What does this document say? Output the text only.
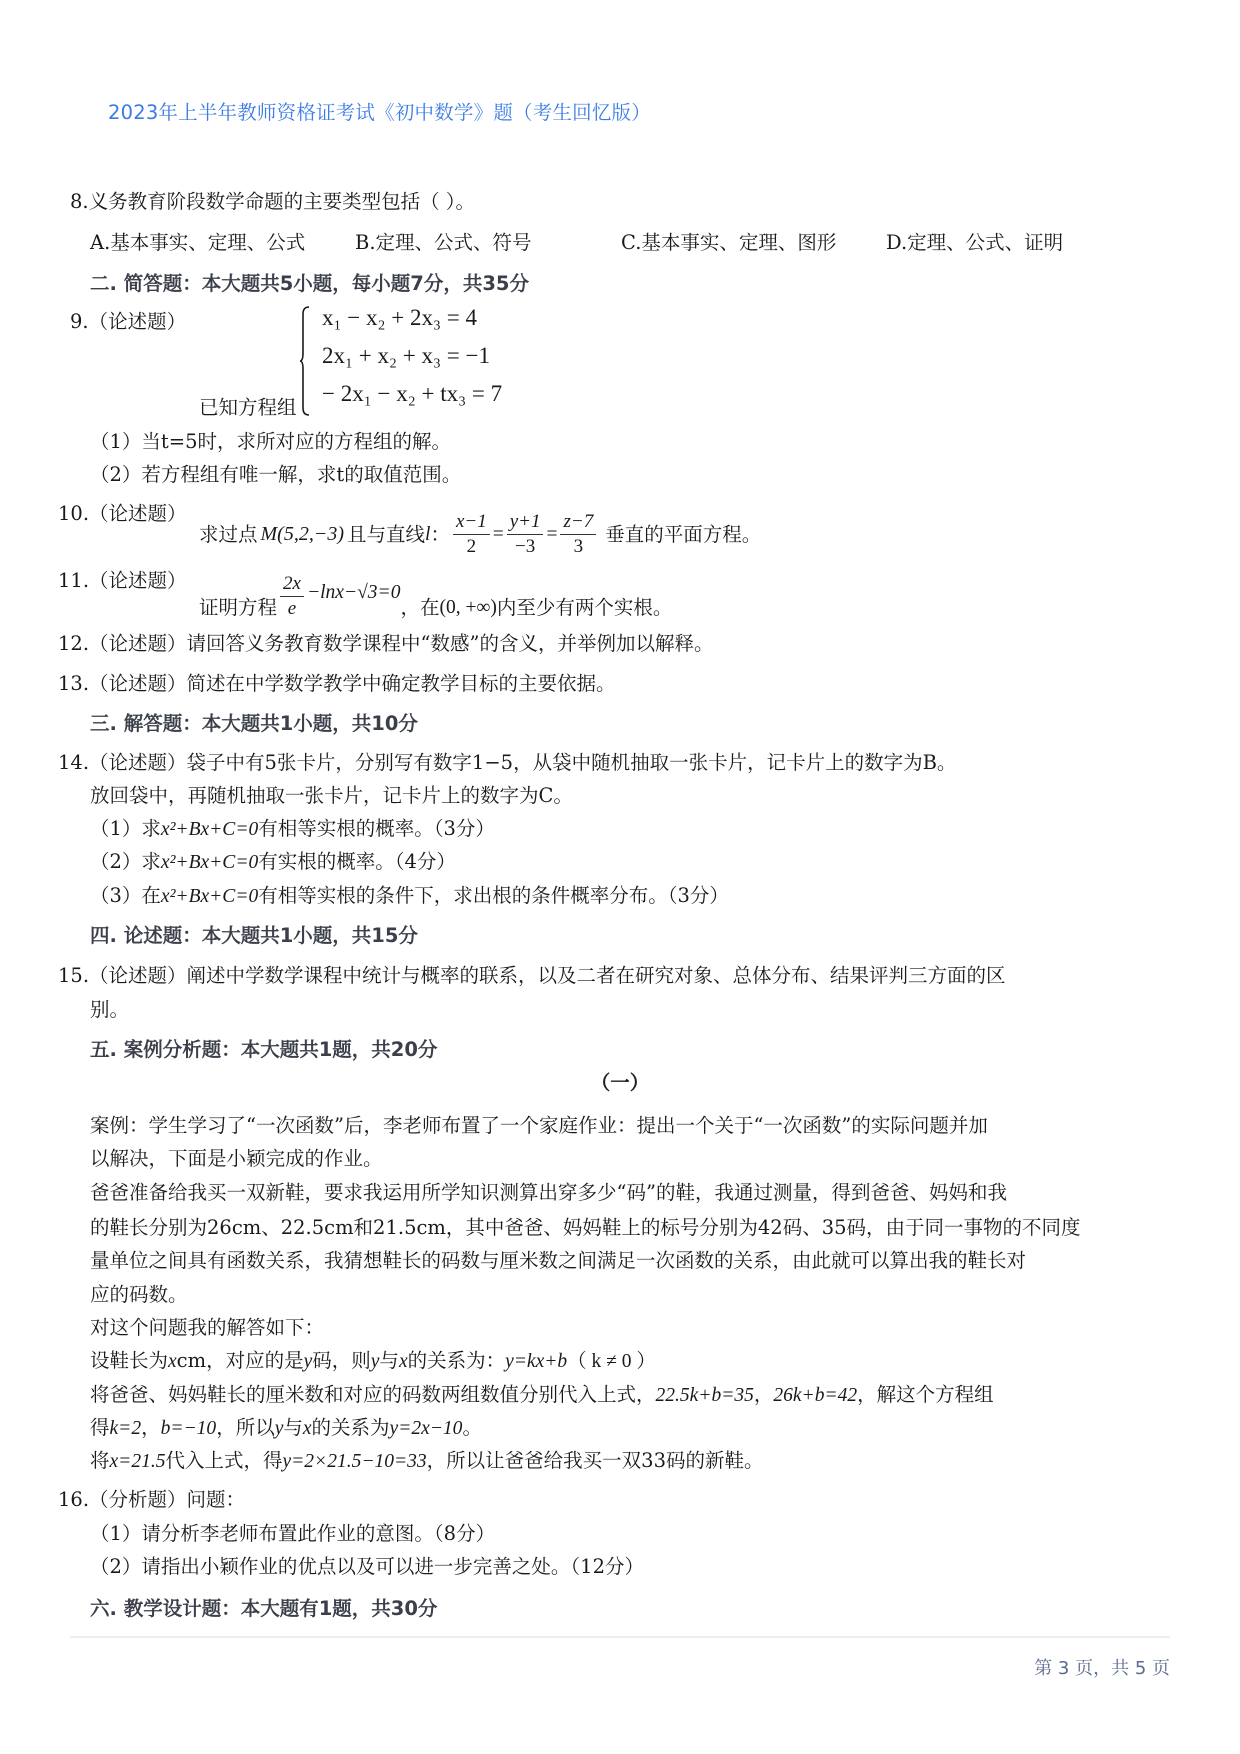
2023年上半年教师资格证考试《初中数学》题（考生回忆版）
8.义务教育阶段数学命题的主要类型包括（ ）。
A.基本事实、定理、公式	B.定理、公式、符号	C.基本事实、定理、图形	D.定理、公式、证明
二. 简答题：本大题共5小题，每小题7分，共35分
9.（论述题）	x₁ − x₂ + 2x₃ = 4
2x₁ + x₂ + x₃ = −1
− 2x₁ − x₂ + tx₃ = 7
已知方程组
（1）当t=5时，求所对应的方程组的解。
（2）若方程组有唯一解，求t的取值范围。
10.（论述题）
求过点 M(5,2,−3) 且与直线 l ： $\frac{x-1}{2} = \frac{y+1}{-3} = \frac{z-7}{3}$ 垂直的平面方程。
11.（论述题）
证明方程 $\frac{2x}{e} -\ln x-√3=0$
，在 (0, +∞) 内至少有两个实根。
12.（论述题）请回答义务教育数学课程中“数感”的含义，并举例加以解释。
13.（论述题）简述在中学数学教学中确定教学目标的主要依据。
三. 解答题：本大题共1小题，共10分
14.（论述题）袋子中有5张卡片，分别写有数字1−5，从袋中随机抽取一张卡片，记卡片上的数字为B。
放回袋中，再随机抽取一张卡片，记卡片上的数字为C。
（1）求x²+Bx+C=0有相等实根的概率。（3分）
（2）求x²+Bx+C=0有实根的概率。（4分）
（3）在x²+Bx+C=0有相等实根的条件下，求出根的条件概率分布。（3分）
四. 论述题：本大题共1小题，共15分
15.（论述题）阐述中学数学课程中统计与概率的联系，以及二者在研究对象、总体分布、结果评判三方面的区
别。
五. 案例分析题：本大题共1题，共20分
（一）
案例：学生学习了“一次函数”后，李老师布置了一个家庭作业：提出一个关于“一次函数”的实际问题并加
以解决，下面是小颖完成的作业。
爸爸准备给我买一双新鞋，要求我运用所学知识测算出穿多少“码”的鞋，我通过测量，得到爸爸、妈妈和我
的鞋长分别为26cm、22.5cm和21.5cm，其中爸爸、妈妈鞋上的标号分别为42码、35码，由于同一事物的不同度
量单位之间具有函数关系，我猜想鞋长的码数与厘米数之间满足一次函数的关系，由此就可以算出我的鞋长对
应的码数。
对这个问题我的解答如下：
设鞋长为xcm，对应的是y码，则y与x的关系为：y=kx+b（ k ≠ 0 ）
将爸爸、妈妈鞋长的厘米数和对应的码数两组数值分别代入上式，22.5k+b=35，26k+b=42，解这个方程组
得k=2，b=−10，所以y与x的关系为y=2x−10。
将x=21.5代入上式，得y=2×21.5−10=33，所以让爸爸给我买一双33码的新鞋。
16.（分析题）问题：
（1）请分析李老师布置此作业的意图。（8分）
（2）请指出小颖作业的优点以及可以进一步完善之处。（12分）
六. 教学设计题：本大题有1题，共30分
第 3 页，共 5 页
